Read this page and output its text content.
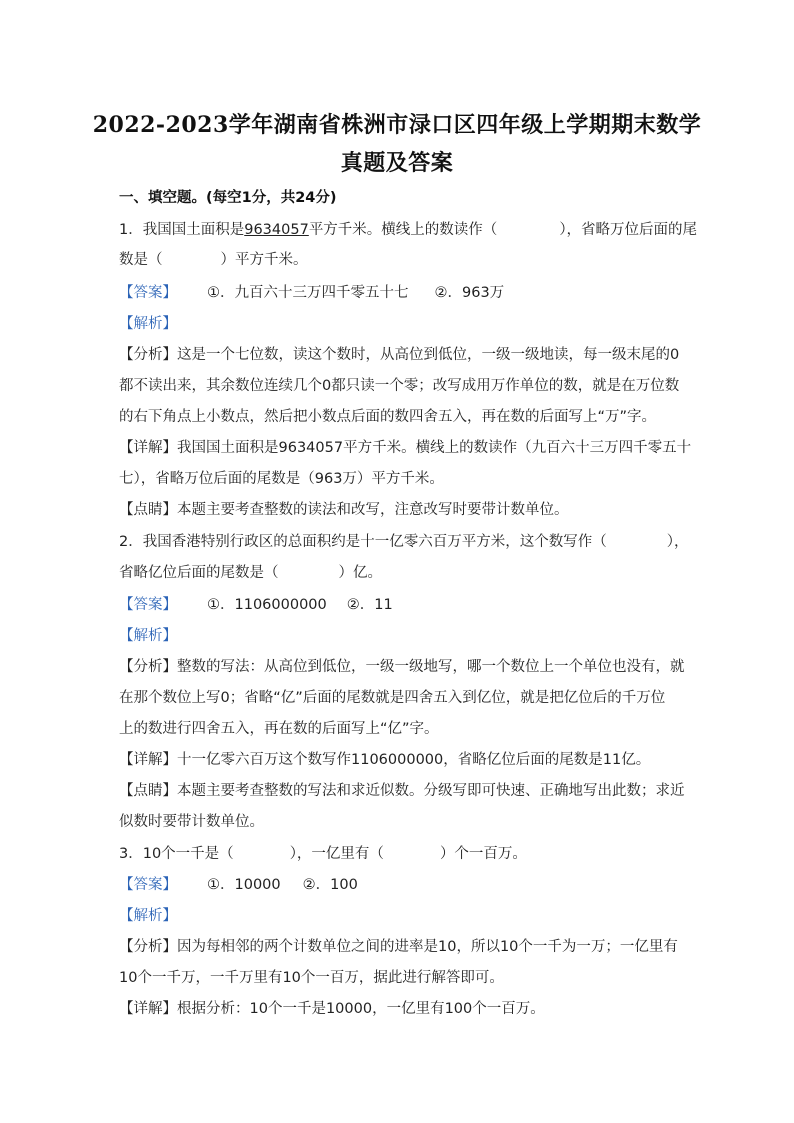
2022-2023学年湖南省株洲市渌口区四年级上学期期末数学
真题及答案
一、填空题。(每空1分，共24分)
1．我国国土面积是9634057平方千米。横线上的数读作（	），省略万位后面的尾
数是（	）平方千米。
【答案】 ①．九百六十三万四千零五十七 ②．963万
【解析】
【分析】这是一个七位数，读这个数时，从高位到低位，一级一级地读，每一级末尾的0
都不读出来，其余数位连续几个0都只读一个零；改写成用万作单位的数，就是在万位数
的右下角点上小数点，然后把小数点后面的数四舍五入，再在数的后面写上“万”字。
【详解】我国国土面积是9634057平方千米。横线上的数读作（九百六十三万四千零五十
七），省略万位后面的尾数是（963万）平方千米。
【点睛】本题主要考查整数的读法和改写，注意改写时要带计数单位。
2．我国香港特别行政区的总面积约是十一亿零六百万平方米，这个数写作（	），
省略亿位后面的尾数是（	）亿。
【答案】 ①．1106000000 ②．11
【解析】
【分析】整数的写法：从高位到低位，一级一级地写，哪一个数位上一个单位也没有，就
在那个数位上写0；省略“亿”后面的尾数就是四舍五入到亿位，就是把亿位后的千万位
上的数进行四舍五入，再在数的后面写上“亿”字。
【详解】十一亿零六百万这个数写作1106000000，省略亿位后面的尾数是11亿。
【点睛】本题主要考查整数的写法和求近似数。分级写即可快速、正确地写出此数；求近
似数时要带计数单位。
3．10个一千是（	），一亿里有（	）个一百万。
【答案】 ①．10000 ②．100
【解析】
【分析】因为每相邻的两个计数单位之间的进率是10，所以10个一千为一万；一亿里有
10个一千万，一千万里有10个一百万，据此进行解答即可。
【详解】根据分析：10个一千是10000，一亿里有100个一百万。
